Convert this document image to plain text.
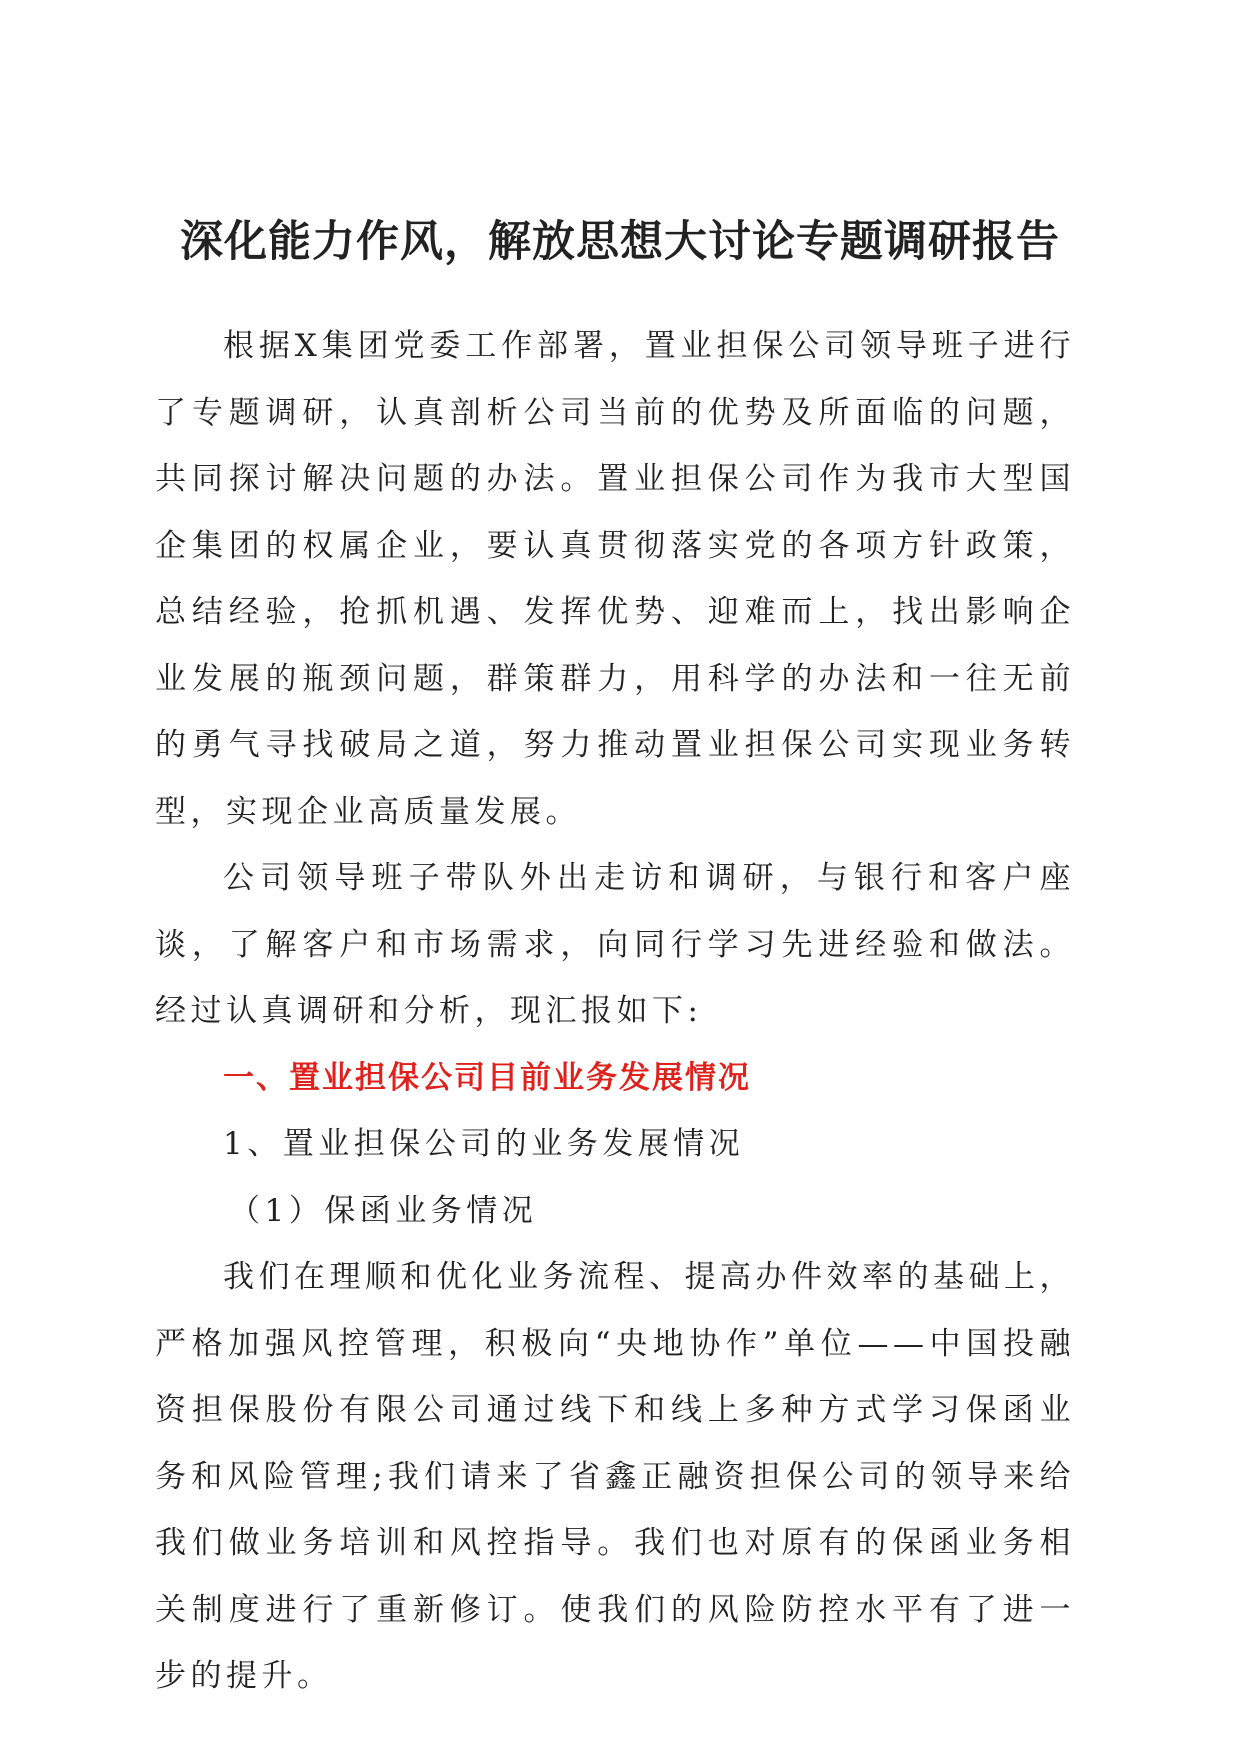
深化能力作风，解放思想大讨论专题调研报告

根据X集团党委工作部署，置业担保公司领导班子进行了专题调研，认真剖析公司当前的优势及所面临的问题，共同探讨解决问题的办法。置业担保公司作为我市大型国企集团的权属企业，要认真贯彻落实党的各项方针政策，总结经验，抢抓机遇、发挥优势、迎难而上，找出影响企业发展的瓶颈问题，群策群力，用科学的办法和一往无前的勇气寻找破局之道，努力推动置业担保公司实现业务转型，实现企业高质量发展。

公司领导班子带队外出走访和调研，与银行和客户座谈，了解客户和市场需求，向同行学习先进经验和做法。经过认真调研和分析，现汇报如下:

一、置业担保公司目前业务发展情况

1、置业担保公司的业务发展情况

（1）保函业务情况

我们在理顺和优化业务流程、提高办件效率的基础上，严格加强风控管理，积极向“央地协作”单位——中国投融资担保股份有限公司通过线下和线上多种方式学习保函业务和风险管理;我们请来了省鑫正融资担保公司的领导来给我们做业务培训和风控指导。我们也对原有的保函业务相关制度进行了重新修订。使我们的风险防控水平有了进一步的提升。
